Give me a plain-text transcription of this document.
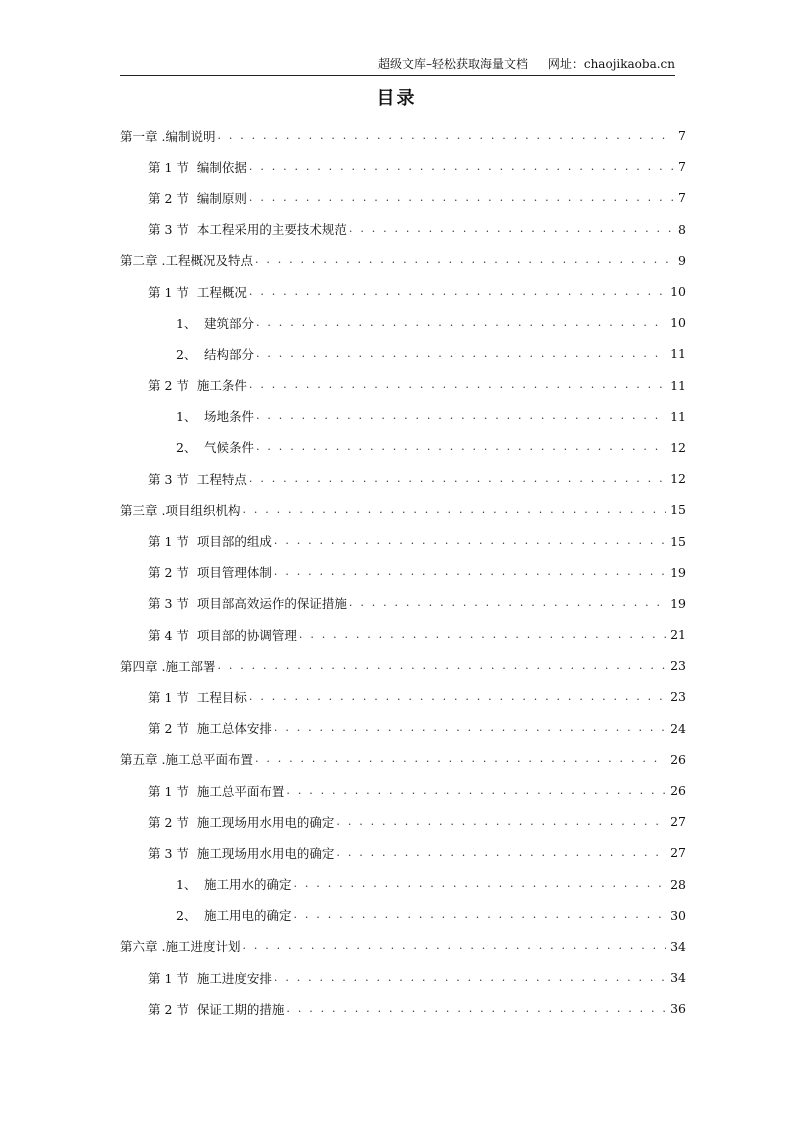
超级文库–轻松获取海量文档 网址：chaojikaoba.cn
目录
第一章 .编制说明 . . .	7
第 1 节 编制依据 . . .	7
第 2 节 编制原则 . . .	7
第 3 节 本工程采用的主要技术规范 . . .	8
第二章 .工程概况及特点 . . .	9
第 1 节 工程概况 . . .	10
1、 建筑部分 . . .	10
2、 结构部分 . . .	11
第 2 节 施工条件 . . .	11
1、 场地条件 . . .	11
2、 气候条件 . . .	12
第 3 节 工程特点 . . .	12
第三章 .项目组织机构 . . .	15
第 1 节 项目部的组成 . . .	15
第 2 节 项目管理体制 . . .	19
第 3 节 项目部高效运作的保证措施 . . .	19
第 4 节 项目部的协调管理 . . .	21
第四章 .施工部署 . . .	23
第 1 节 工程目标 . . .	23
第 2 节 施工总体安排 . . .	24
第五章 .施工总平面布置 . . .	26
第 1 节 施工总平面布置 . . .	26
第 2 节 施工现场用水用电的确定 . . .	27
第 3 节 施工现场用水用电的确定 . . .	27
1、 施工用水的确定 . . .	28
2、 施工用电的确定 . . .	30
第六章 .施工进度计划 . . .	34
第 1 节 施工进度安排 . . .	34
第 2 节 保证工期的措施 . . .	36
